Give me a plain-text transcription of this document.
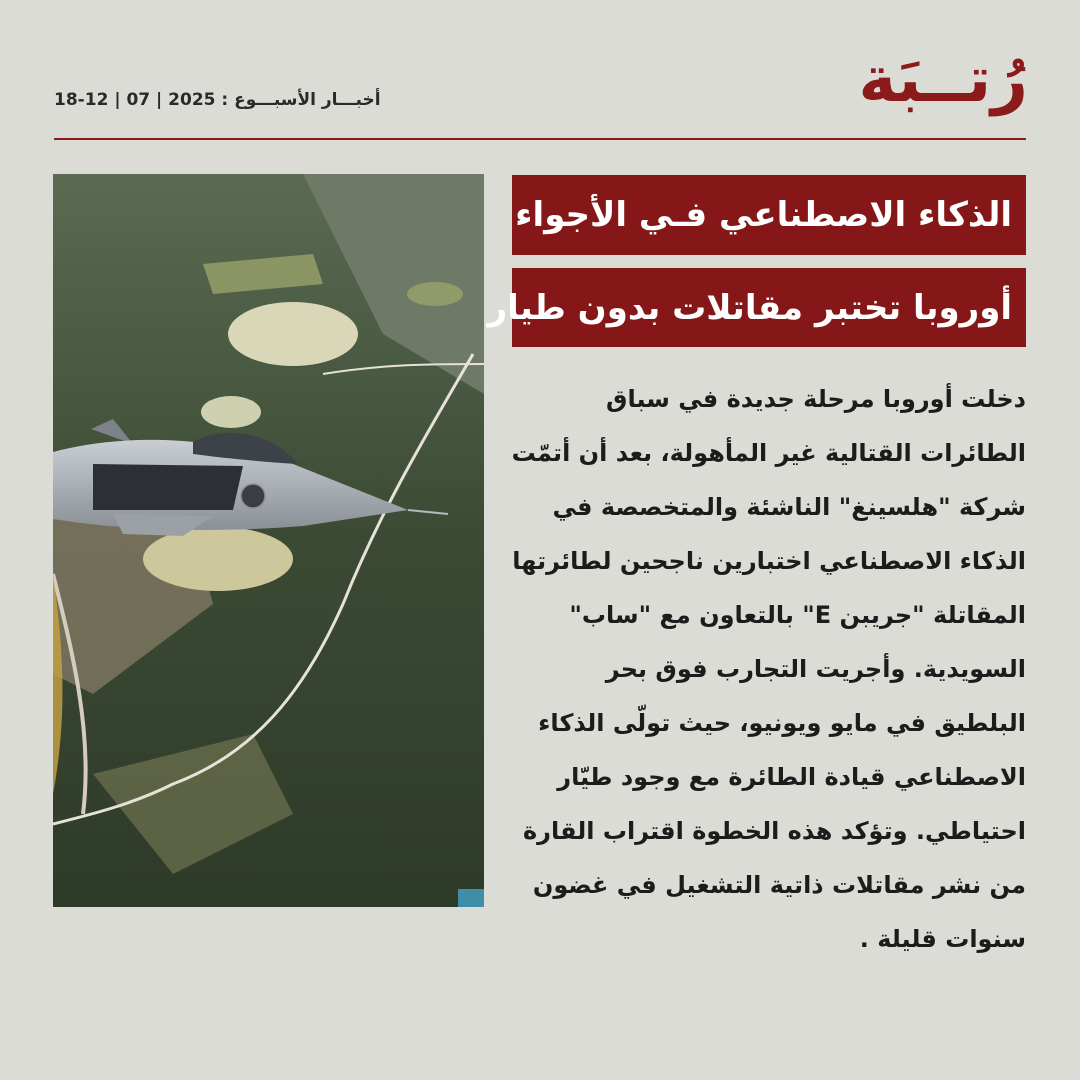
رُتــبَة
أخبـــار الأسبـــوع : 2025 | 07 | 12-18
الذكاء الاصطناعي فـي الأجواء
أوروبا تختبر مقاتلات بدون طيار
دخلت أوروبا مرحلة جديدة في سباق الطائرات القتالية غير المأهولة، بعد أن أتمّت شركة "هلسينغ" الناشئة والمتخصصة في الذكاء الاصطناعي اختبارين ناجحين لطائرتها المقاتلة "جريبن E" بالتعاون مع "ساب" السويدية. وأجريت التجارب فوق بحر البلطيق في مايو ويونيو، حيث تولّى الذكاء الاصطناعي قيادة الطائرة مع وجود طيّار احتياطي. وتؤكد هذه الخطوة اقتراب القارة من نشر مقاتلات ذاتية التشغيل في غضون سنوات قليلة .
